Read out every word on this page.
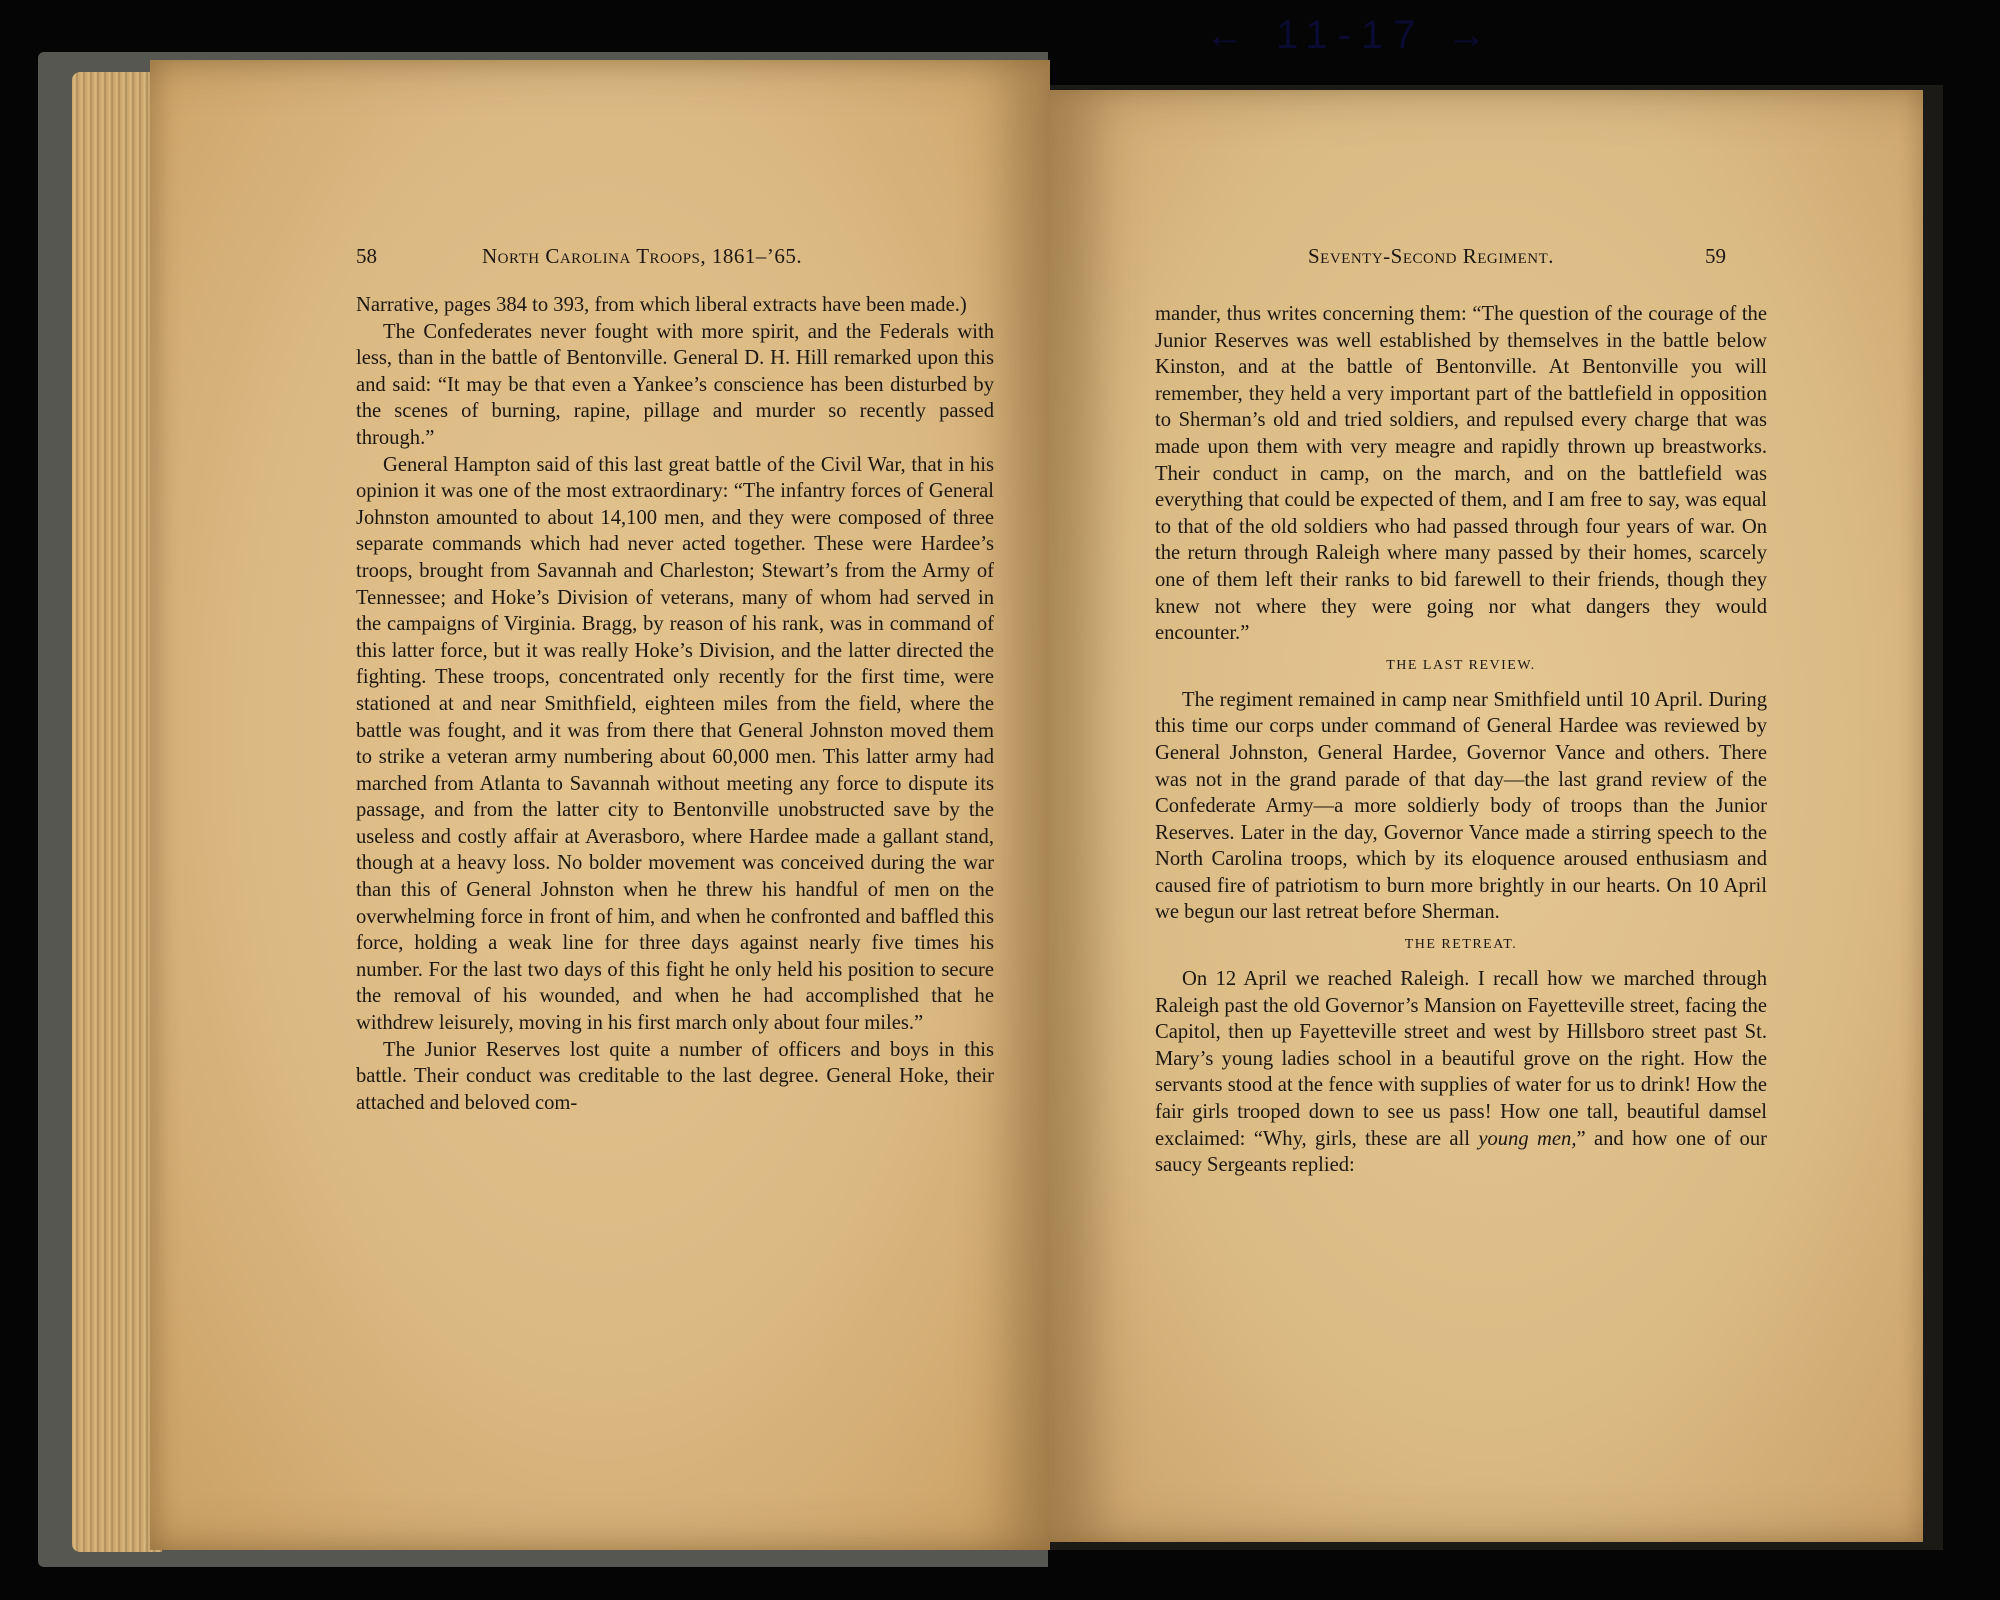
← 11-17 →
58	North Carolina Troops, 1861–’65.

Narrative, pages 384 to 393, from which liberal extracts have been made.)

The Confederates never fought with more spirit, and the Federals with less, than in the battle of Bentonville. General D. H. Hill remarked upon this and said: “It may be that even a Yankee’s conscience has been disturbed by the scenes of burning, rapine, pillage and murder so recently passed through.”

General Hampton said of this last great battle of the Civil War, that in his opinion it was one of the most extraordinary: “The infantry forces of General Johnston amounted to about 14,100 men, and they were composed of three separate commands which had never acted together. These were Hardee’s troops, brought from Savannah and Charleston; Stewart’s from the Army of Tennessee; and Hoke’s Division of veterans, many of whom had served in the campaigns of Virginia. Bragg, by reason of his rank, was in command of this latter force, but it was really Hoke’s Division, and the latter directed the fighting. These troops, concentrated only recently for the first time, were stationed at and near Smithfield, eighteen miles from the field, where the battle was fought, and it was from there that General Johnston moved them to strike a veteran army numbering about 60,000 men. This latter army had marched from Atlanta to Savannah without meeting any force to dispute its passage, and from the latter city to Bentonville unobstructed save by the useless and costly affair at Averasboro, where Hardee made a gallant stand, though at a heavy loss. No bolder movement was conceived during the war than this of General Johnston when he threw his handful of men on the overwhelming force in front of him, and when he confronted and baffled this force, holding a weak line for three days against nearly five times his number. For the last two days of this fight he only held his position to secure the removal of his wounded, and when he had accomplished that he withdrew leisurely, moving in his first march only about four miles.”

The Junior Reserves lost quite a number of officers and boys in this battle. Their conduct was creditable to the last degree. General Hoke, their attached and beloved com-

Seventy-Second Regiment.	59

mander, thus writes concerning them: “The question of the courage of the Junior Reserves was well established by themselves in the battle below Kinston, and at the battle of Bentonville. At Bentonville you will remember, they held a very important part of the battlefield in opposition to Sherman’s old and tried soldiers, and repulsed every charge that was made upon them with very meagre and rapidly thrown up breastworks. Their conduct in camp, on the march, and on the battlefield was everything that could be expected of them, and I am free to say, was equal to that of the old soldiers who had passed through four years of war. On the return through Raleigh where many passed by their homes, scarcely one of them left their ranks to bid farewell to their friends, though they knew not where they were going nor what dangers they would encounter.”

THE LAST REVIEW.

The regiment remained in camp near Smithfield until 10 April. During this time our corps under command of General Hardee was reviewed by General Johnston, General Hardee, Governor Vance and others. There was not in the grand parade of that day—the last grand review of the Confederate Army—a more soldierly body of troops than the Junior Reserves. Later in the day, Governor Vance made a stirring speech to the North Carolina troops, which by its eloquence aroused enthusiasm and caused fire of patriotism to burn more brightly in our hearts. On 10 April we begun our last retreat before Sherman.

THE RETREAT.

On 12 April we reached Raleigh. I recall how we marched through Raleigh past the old Governor’s Mansion on Fayetteville street, facing the Capitol, then up Fayetteville street and west by Hillsboro street past St. Mary’s young ladies school in a beautiful grove on the right. How the servants stood at the fence with supplies of water for us to drink! How the fair girls trooped down to see us pass! How one tall, beautiful damsel exclaimed: “Why, girls, these are all young men,” and how one of our saucy Sergeants replied:
